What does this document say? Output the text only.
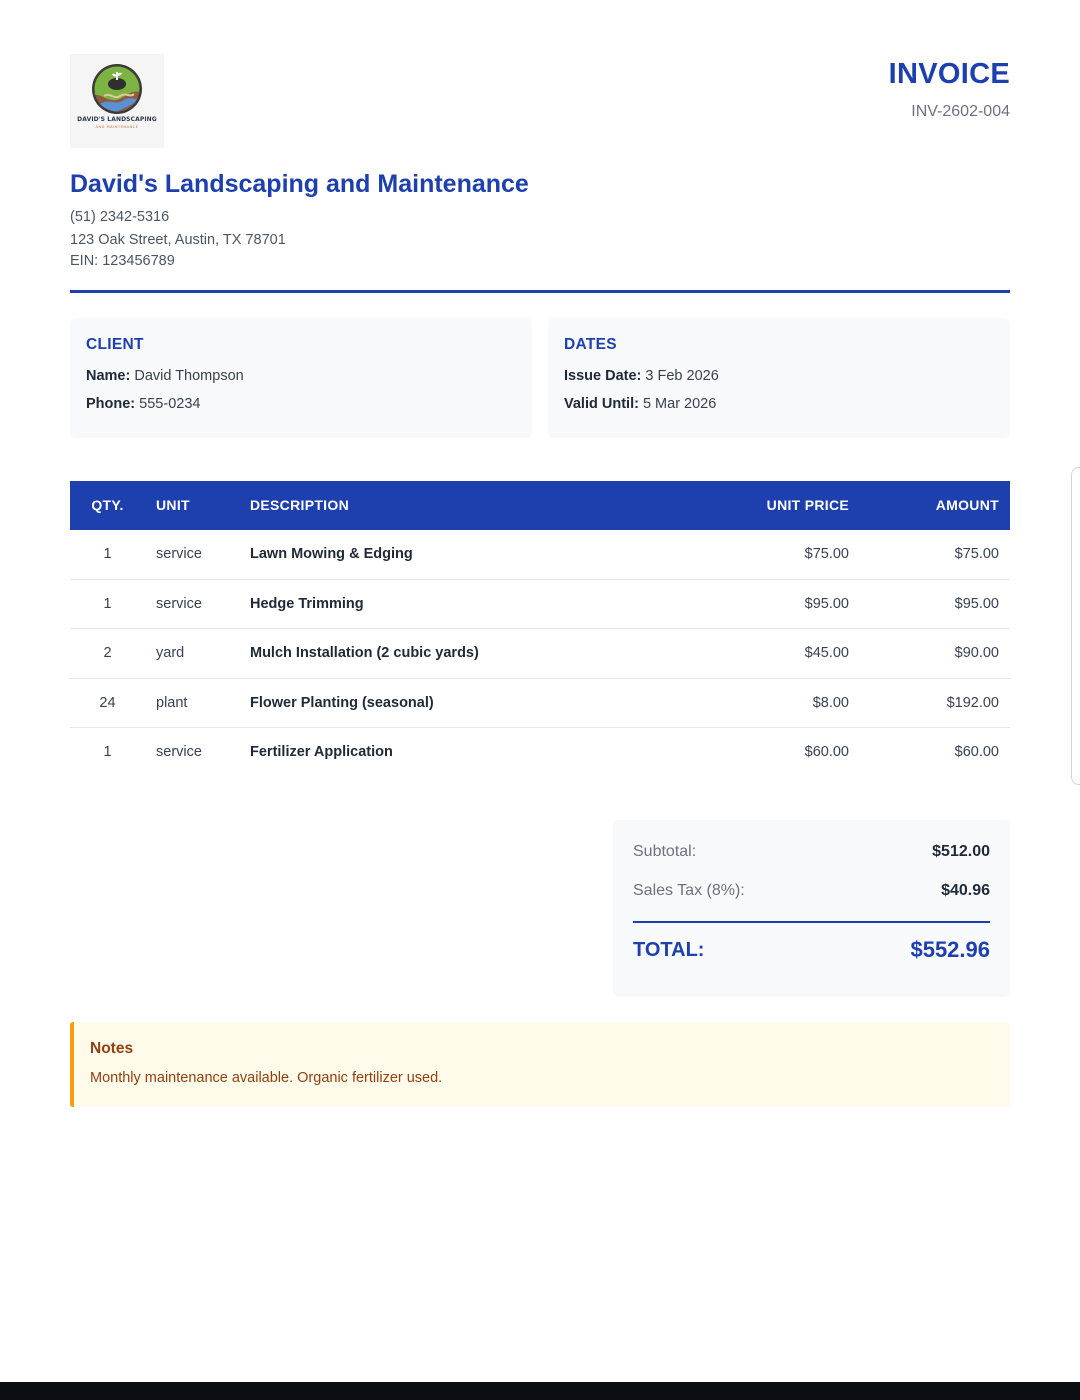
DAVID'S LANDSCAPING
AND MAINTENANCE
INVOICE
INV-2602-004
David's Landscaping and Maintenance
(51) 2342-5316
123 Oak Street, Austin, TX 78701
EIN: 123456789
CLIENT
Name: David Thompson
Phone: 555-0234
DATES
Issue Date: 3 Feb 2026
Valid Until: 5 Mar 2026
QTY.	UNIT	DESCRIPTION	UNIT PRICE	AMOUNT
1	service	Lawn Mowing & Edging	$75.00	$75.00
1	service	Hedge Trimming	$95.00	$95.00
2	yard	Mulch Installation (2 cubic yards)	$45.00	$90.00
24	plant	Flower Planting (seasonal)	$8.00	$192.00
1	service	Fertilizer Application	$60.00	$60.00
Subtotal:	$512.00
Sales Tax (8%):	$40.96
TOTAL:	$552.96
Notes
Monthly maintenance available. Organic fertilizer used.
